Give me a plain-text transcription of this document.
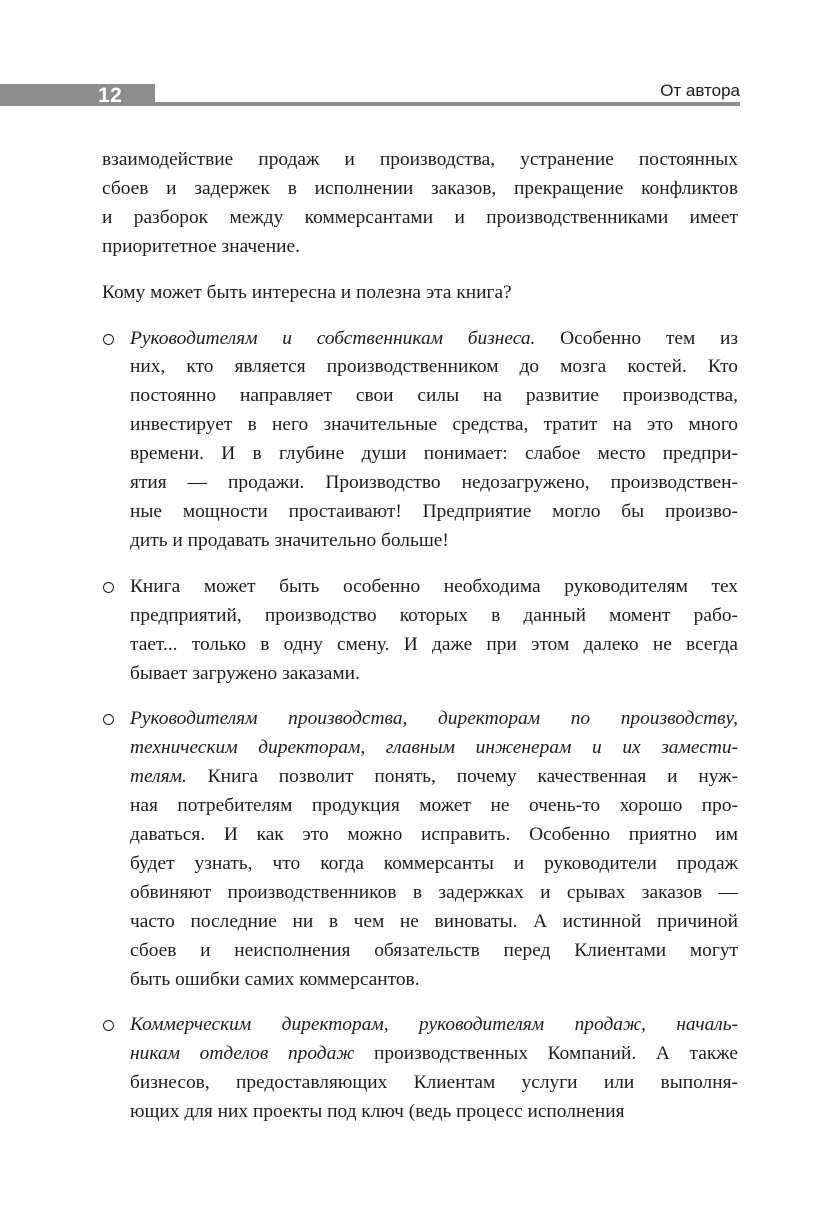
12	От автора

взаимодействие продаж и производства, устранение постоянных
сбоев и задержек в исполнении заказов, прекращение конфликтов
и разборок между коммерсантами и производственниками имеет
приоритетное значение.

Кому может быть интересна и полезна эта книга?

Руководителям и собственникам бизнеса. Особенно тем из
них, кто является производственником до мозга костей. Кто
постоянно направляет свои силы на развитие производства,
инвестирует в него значительные средства, тратит на это много
времени. И в глубине души понимает: слабое место предпри-
ятия — продажи. Производство недозагружено, производствен-
ные мощности простаивают! Предприятие могло бы произво-
дить и продавать значительно больше!

Книга может быть особенно необходима руководителям тех
предприятий, производство которых в данный момент рабо-
тает... только в одну смену. И даже при этом далеко не всегда
бывает загружено заказами.

Руководителям производства, директорам по производству,
техническим директорам, главным инженерам и их замести-
телям. Книга позволит понять, почему качественная и нуж-
ная потребителям продукция может не очень-то хорошо про-
даваться. И как это можно исправить. Особенно приятно им
будет узнать, что когда коммерсанты и руководители продаж
обвиняют производственников в задержках и срывах заказов —
часто последние ни в чем не виноваты. А истинной причиной
сбоев и неисполнения обязательств перед Клиентами могут
быть ошибки самих коммерсантов.

Коммерческим директорам, руководителям продаж, началь-
никам отделов продаж производственных Компаний. А также
бизнесов, предоставляющих Клиентам услуги или выполня-
ющих для них проекты под ключ (ведь процесс исполнения
